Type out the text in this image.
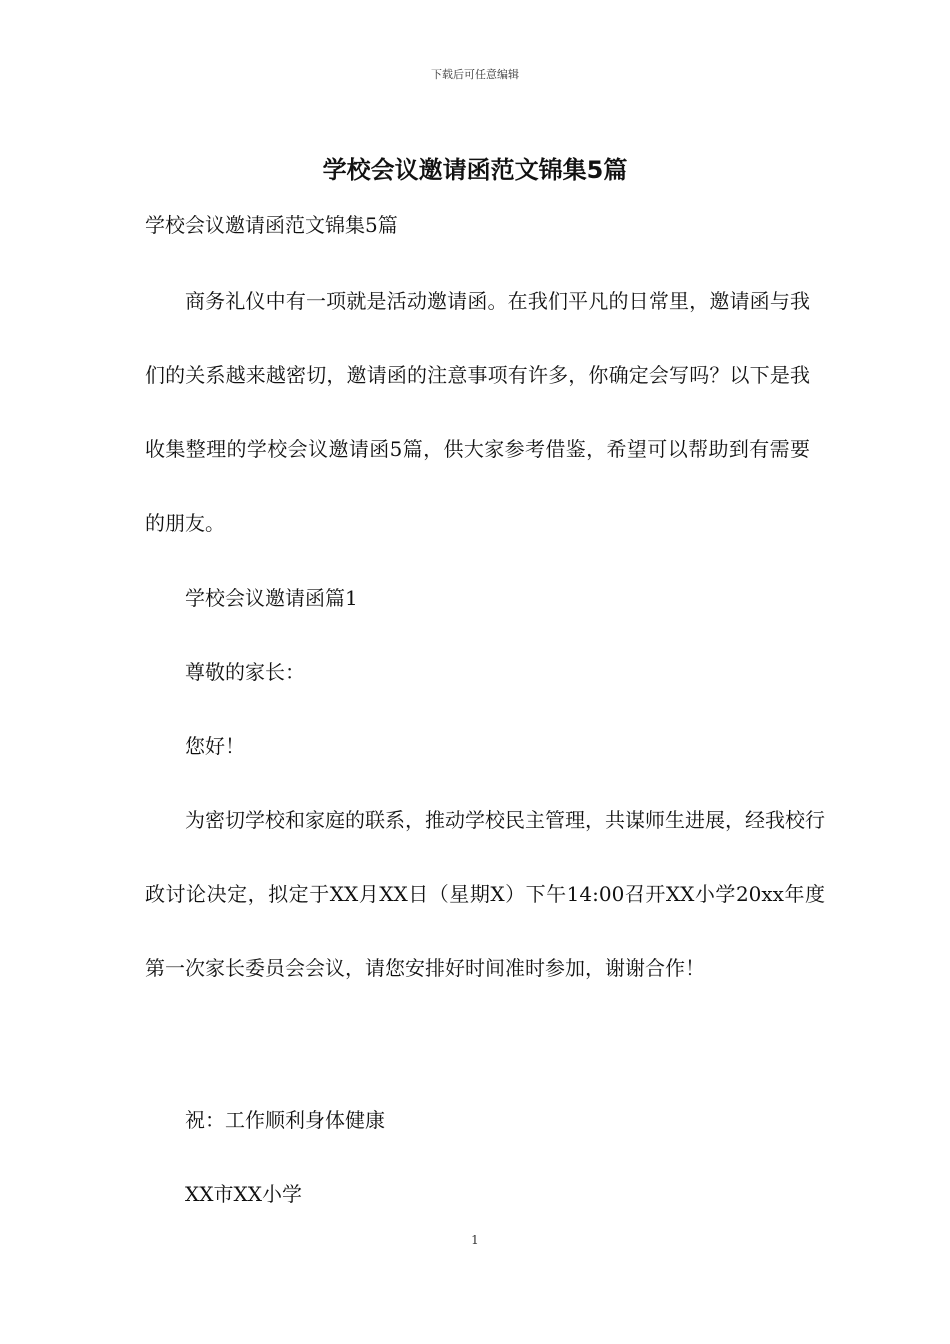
下载后可任意编辑
学校会议邀请函范文锦集5篇
学校会议邀请函范文锦集5篇

商务礼仪中有一项就是活动邀请函。在我们平凡的日常里，邀请函与我们的关系越来越密切，邀请函的注意事项有许多，你确定会写吗？以下是我收集整理的学校会议邀请函5篇，供大家参考借鉴，希望可以帮助到有需要的朋友。

学校会议邀请函篇1

尊敬的家长：

您好！

为密切学校和家庭的联系，推动学校民主管理，共谋师生进展，经我校行政讨论决定，拟定于XX月XX日（星期X）下午14:00召开XX小学20xx年度第一次家长委员会会议，请您安排好时间准时参加，谢谢合作！

祝：工作顺利身体健康

XX市XX小学

1
